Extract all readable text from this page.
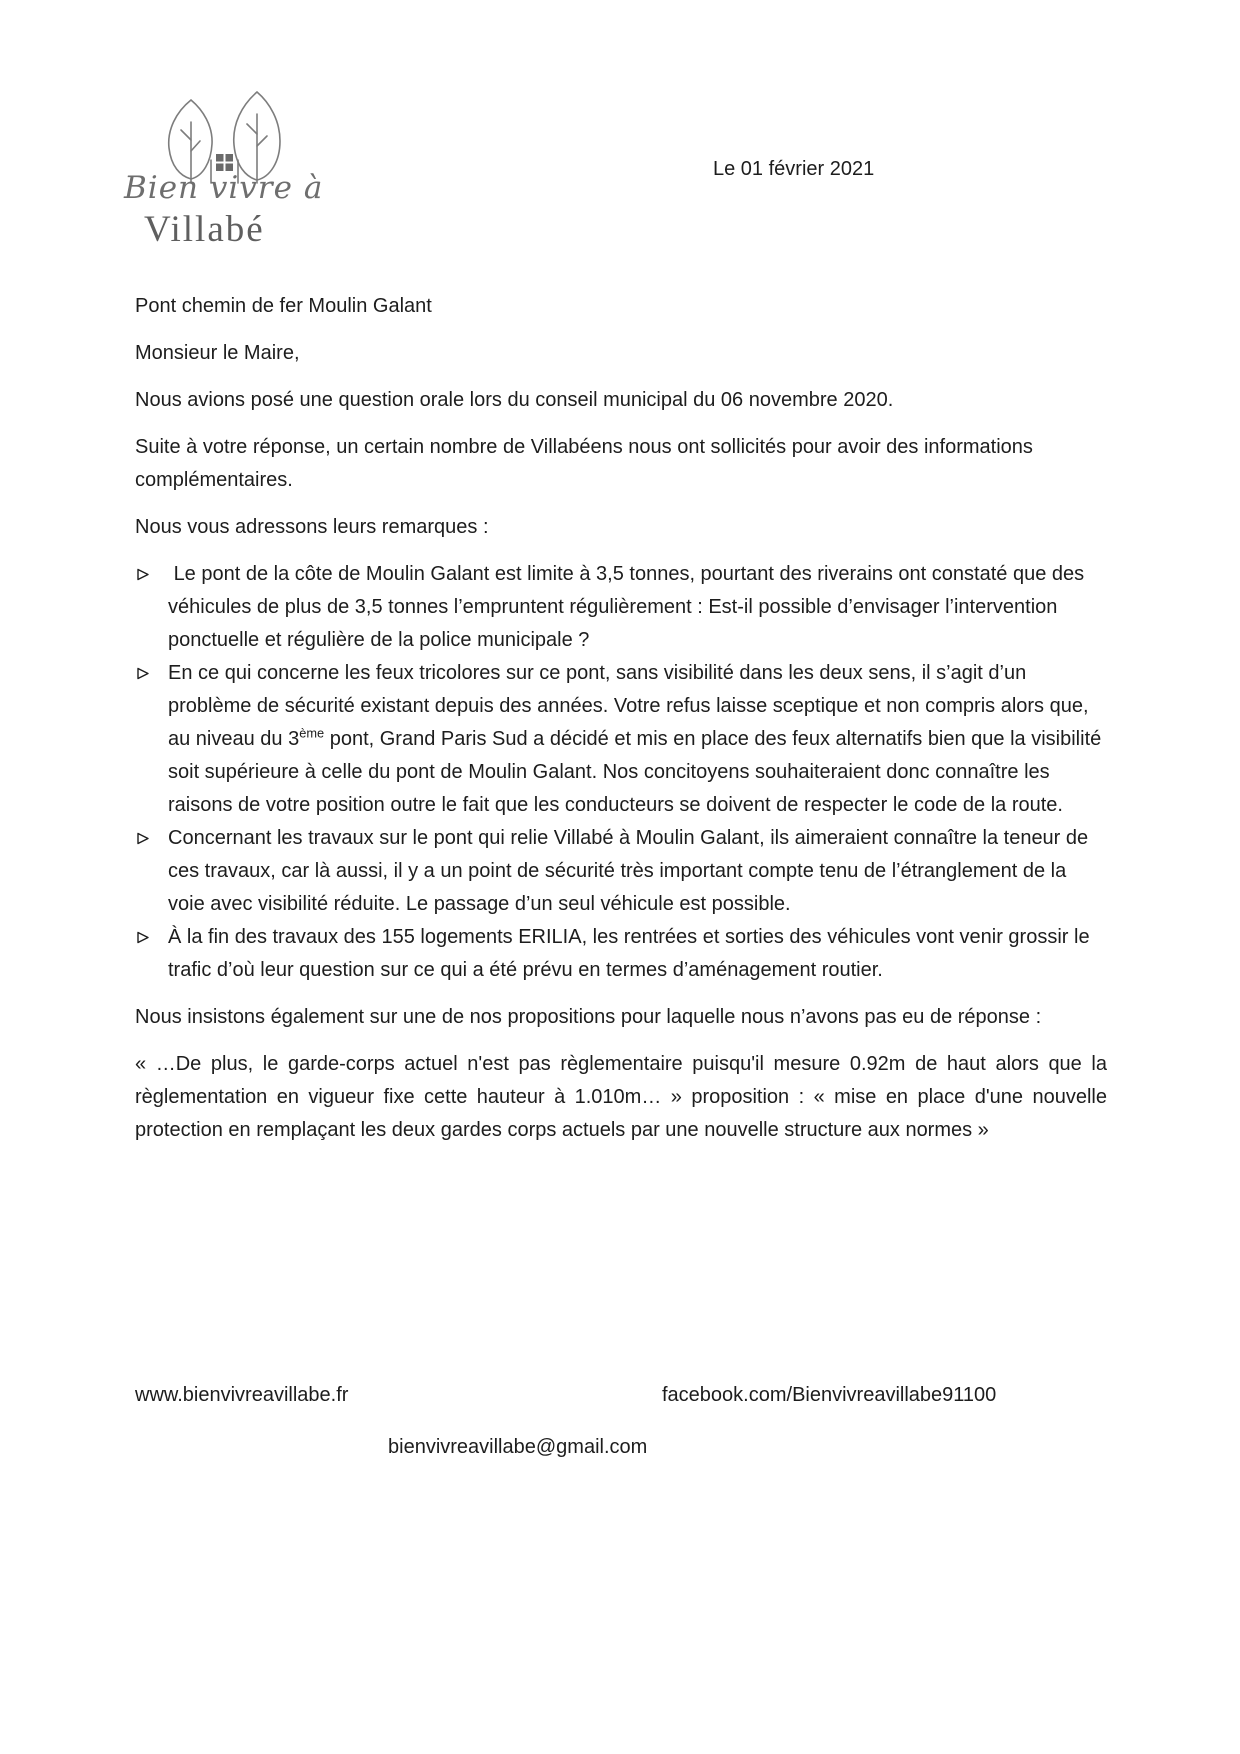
Bien vivre à
Villabé
Le 01 février 2021

Pont chemin de fer Moulin Galant

Monsieur le Maire,

Nous avions posé une question orale lors du conseil municipal du 06 novembre 2020.

Suite à votre réponse, un certain nombre de Villabéens nous ont sollicités pour avoir des informations  complémentaires.

Nous vous adressons leurs remarques :

Le pont de la côte de Moulin Galant est limite à 3,5 tonnes, pourtant des riverains ont constaté que des véhicules de plus de 3,5 tonnes l’empruntent régulièrement : Est-il possible d’envisager l’intervention ponctuelle et régulière de la police municipale ?
En ce qui concerne les feux tricolores sur ce pont, sans visibilité dans les deux sens, il s’agit d’un problème de sécurité existant depuis des années. Votre refus laisse sceptique et non compris alors que, au niveau du 3ème pont, Grand Paris Sud a décidé et mis en place des feux alternatifs bien que la visibilité soit supérieure à celle du pont de Moulin Galant. Nos concitoyens souhaiteraient donc connaître les raisons de votre position outre le fait que les conducteurs se doivent de respecter le code de la route.
Concernant les travaux sur le pont qui relie Villabé à Moulin Galant, ils aimeraient connaître la teneur de ces travaux, car là aussi, il y a un point de sécurité très important compte tenu de l’étranglement de la voie avec visibilité réduite. Le passage d’un seul véhicule est possible.
À la fin des travaux des 155 logements ERILIA, les rentrées et sorties des véhicules vont venir grossir le trafic d’où leur question sur ce qui a été prévu en termes d’aménagement routier.

Nous insistons également sur une de nos propositions pour laquelle nous n’avons pas eu de réponse :

« …De plus, le garde-corps actuel n'est pas règlementaire puisqu'il mesure 0.92m de haut alors que la règlementation en vigueur fixe cette hauteur à 1.010m… » proposition : « mise en place d'une nouvelle protection en remplaçant les deux gardes corps actuels par une nouvelle structure aux normes »

www.bienvivreavillabe.fr	facebook.com/Bienvivreavillabe91100
bienvivreavillabe@gmail.com
